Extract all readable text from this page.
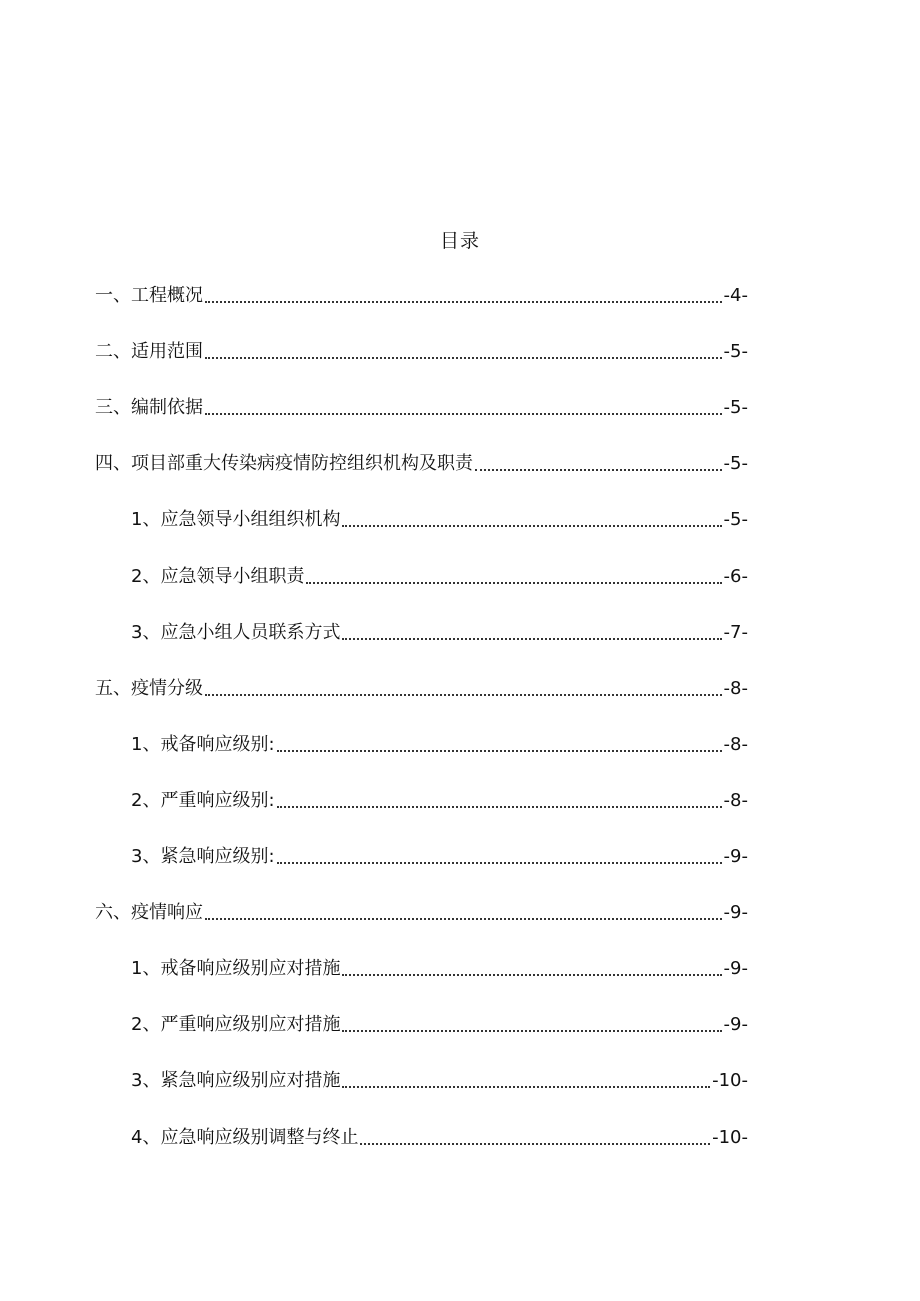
目录
一、工程概况	-4-
二、适用范围	-5-
三、编制依据	-5-
四、项目部重大传染病疫情防控组织机构及职责	-5-
1、应急领导小组组织机构	-5-
2、应急领导小组职责	-6-
3、应急小组人员联系方式	-7-
五、疫情分级	-8-
1、戒备响应级别:	-8-
2、严重响应级别:	-8-
3、紧急响应级别:	-9-
六、疫情响应	-9-
1、戒备响应级别应对措施	-9-
2、严重响应级别应对措施	-9-
3、紧急响应级别应对措施	-10-
4、应急响应级别调整与终止	-10-
